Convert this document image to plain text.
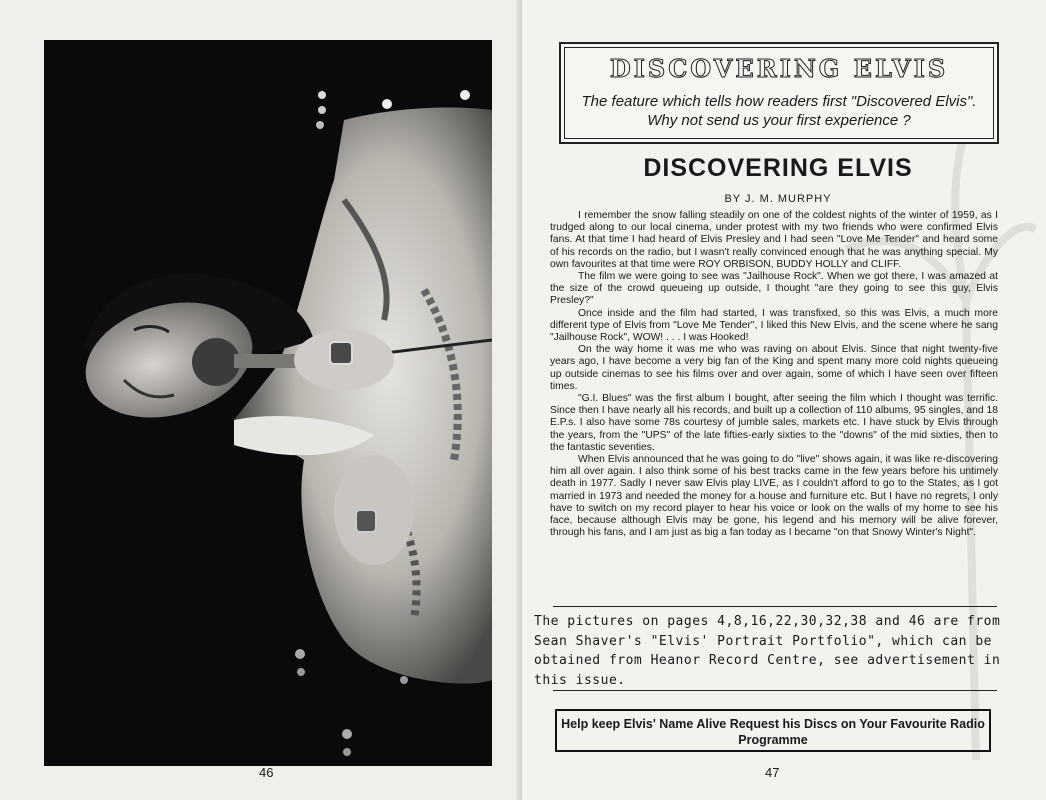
46
DISCOVERING ELVIS
The feature which tells how readers first "Discovered Elvis". Why not send us your first experience ?
DISCOVERING ELVIS
BY J. M. MURPHY

I remember the snow falling steadily on one of the coldest nights of the winter of 1959, as I trudged along to our local cinema, under protest with my two friends who were confirmed Elvis fans. At that time I had heard of Elvis Presley and I had seen "Love Me Tender" and heard some of his records on the radio, but I wasn't really convinced enough that he was anything special. My own favourites at that time were ROY ORBISON, BUDDY HOLLY and CLIFF.

The film we were going to see was "Jailhouse Rock". When we got there, I was amazed at the size of the crowd queueing up outside, I thought "are they going to see this guy, Elvis Presley?"

Once inside and the film had started, I was transfixed, so this was Elvis, a much more different type of Elvis from "Love Me Tender", I liked this New Elvis, and the scene where he sang "Jailhouse Rock", WOW! . . . I was Hooked!

On the way home it was me who was raving on about Elvis. Since that night twenty-five years ago, I have become a very big fan of the King and spent many more cold nights queueing up outside cinemas to see his films over and over again, some of which I have seen over fifteen times.

"G.I. Blues" was the first album I bought, after seeing the film which I thought was terrific. Since then I have nearly all his records, and built up a collection of 110 albums, 95 singles, and 18 E.P.s. I also have some 78s courtesy of jumble sales, markets etc. I have stuck by Elvis through the years, from the "UPS" of the late fifties-early sixties to the "downs" of the mid sixties, then to the fantastic seventies.

When Elvis announced that he was going to do "live" shows again, it was like re-discovering him all over again. I also think some of his best tracks came in the few years before his untimely death in 1977. Sadly I never saw Elvis play LIVE, as I couldn't afford to go to the States, as I got married in 1973 and needed the money for a house and furniture etc. But I have no regrets, I only have to switch on my record player to hear his voice or look on the walls of my home to see his face, because although Elvis may be gone, his legend and his memory will be alive forever, through his fans, and I am just as big a fan today as I became "on that Snowy Winter's Night".

The pictures on pages 4,8,16,22,30,32,38 and 46 are from Sean Shaver's "Elvis' Portrait Portfolio", which can be obtained from Heanor Record Centre, see advertisement in this issue.
Help keep Elvis' Name Alive Request his Discs on Your Favourite Radio Programme
47
